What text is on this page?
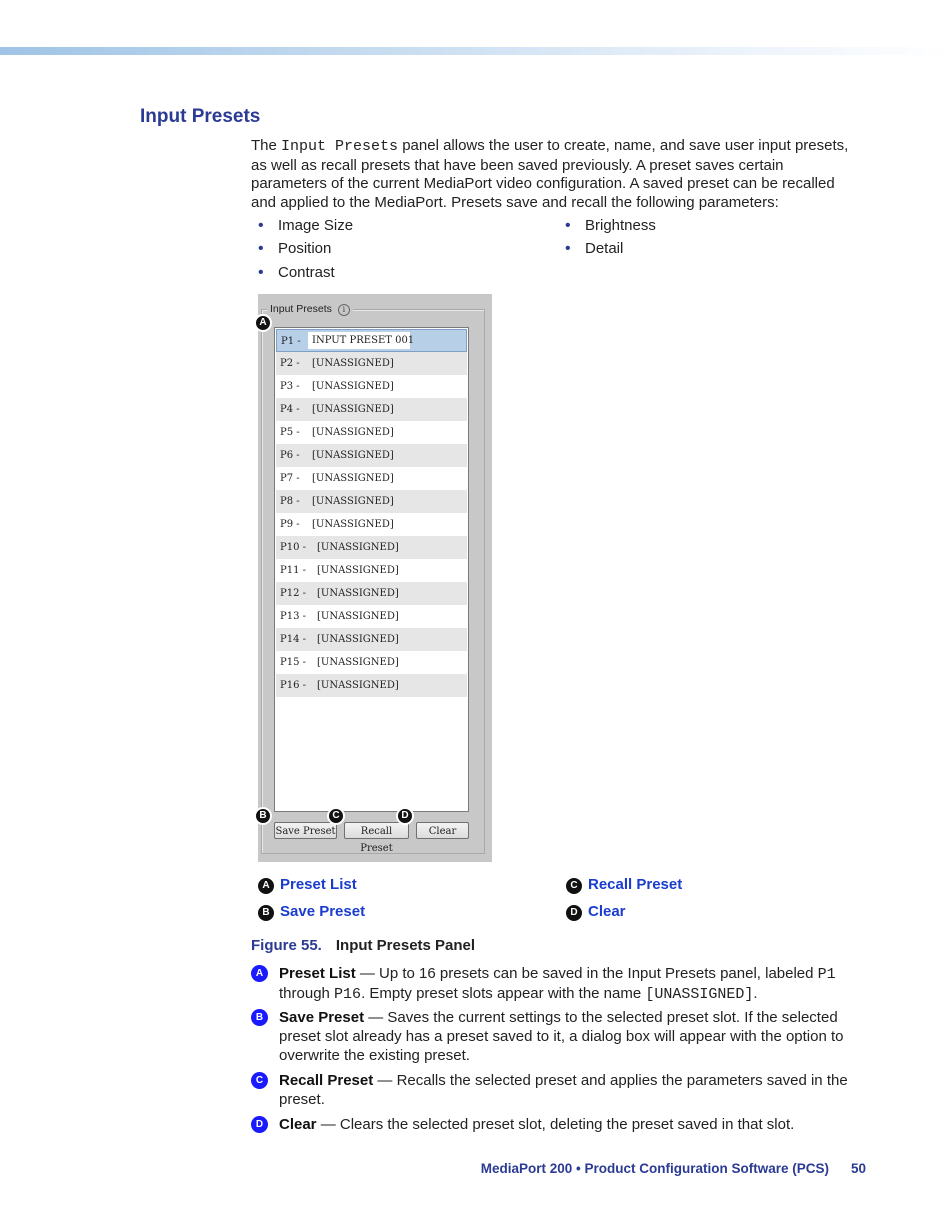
Input Presets

The Input Presets panel allows the user to create, name, and save user input presets, as well as recall presets that have been saved previously. A preset saves certain parameters of the current MediaPort video configuration. A saved preset can be recalled and applied to the MediaPort. Presets save and recall the following parameters:

• Image Size
• Position
• Contrast
• Brightness
• Detail
Input Presets i
P1 -	INPUT PRESET 001
P2 - [UNASSIGNED]
P3 - [UNASSIGNED]
P4 - [UNASSIGNED]
P5 - [UNASSIGNED]
P6 - [UNASSIGNED]
P7 - [UNASSIGNED]
P8 - [UNASSIGNED]
P9 - [UNASSIGNED]
P10 - [UNASSIGNED]
P11 - [UNASSIGNED]
P12 - [UNASSIGNED]
P13 - [UNASSIGNED]
P14 - [UNASSIGNED]
P15 - [UNASSIGNED]
P16 - [UNASSIGNED]
Save Preset	Recall Preset
Clear
A
B	C	D
A Preset List
B Save Preset
C Recall Preset
D Clear
Figure 55. Input Presets Panel
A	Preset List — Up to 16 presets can be saved in the Input Presets panel, labeled P1 through P16. Empty preset slots appear with the name [UNASSIGNED].
B	Save Preset — Saves the current settings to the selected preset slot. If the selected preset slot already has a preset saved to it, a dialog box will appear with the option to overwrite the existing preset.
C	Recall Preset — Recalls the selected preset and applies the parameters saved in the preset.
D	Clear — Clears the selected preset slot, deleting the preset saved in that slot.
MediaPort 200 • Product Configuration Software (PCS) 50
